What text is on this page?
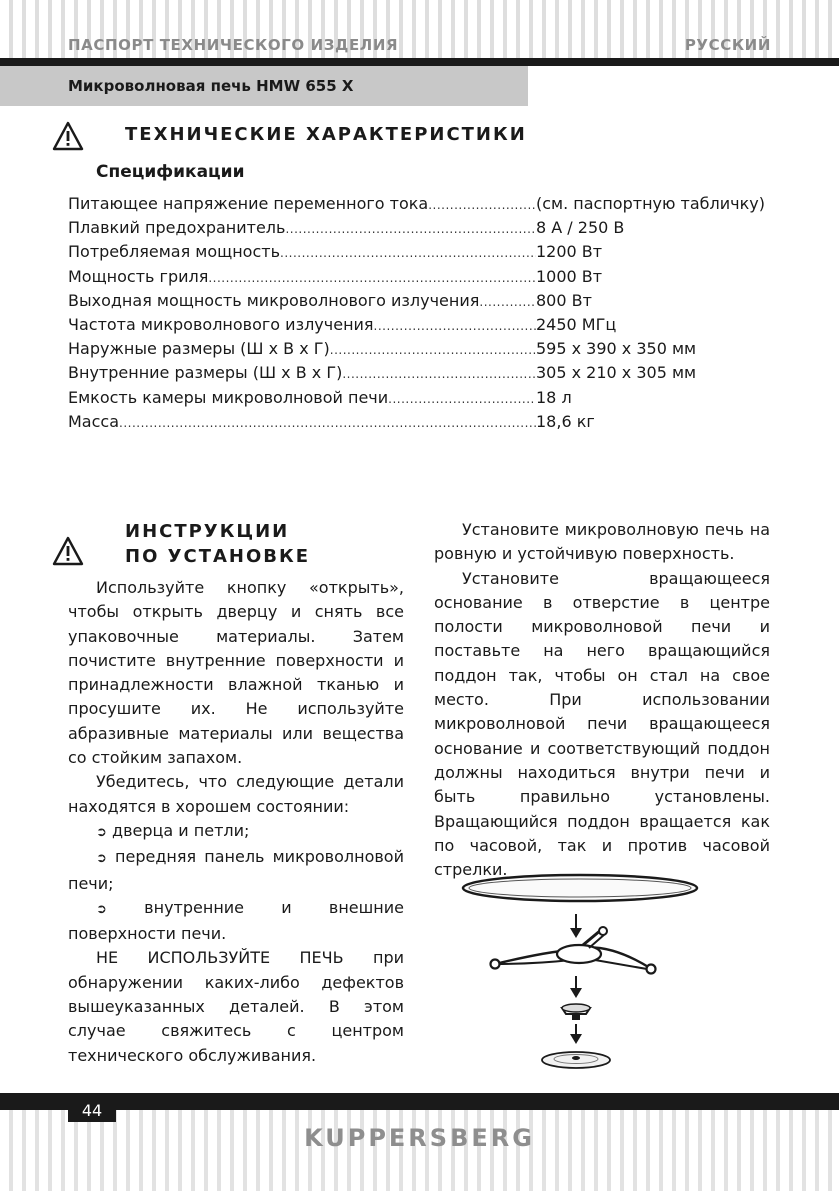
ПАСПОРТ ТЕХНИЧЕСКОГО ИЗДЕЛИЯ	РУССКИЙ
Микроволновая печь HMW 655 X
ТЕХНИЧЕСКИЕ ХАРАКТЕРИСТИКИ
Спецификации
Питающее напряжение переменного тока .....	(см. паспортную табличку)
Плавкий предохранитель .....	8 А / 250 В
Потребляемая мощность .....	1200 Вт
Мощность гриля .....	1000 Вт
Выходная мощность микроволнового излучения .....	800 Вт
Частота микроволнового излучения .....	2450 МГц
Наружные размеры (Ш х В х Г) .....	595 х 390 х 350 мм
Внутренние размеры (Ш х В х Г) .....	305 х 210 х 305 мм
Емкость камеры микроволновой печи .....	18 л
Масса .....	18,6 кг
ИНСТРУКЦИИ
ПО УСТАНОВКЕ

Используйте кнопку «открыть», чтобы открыть дверцу и снять все упаковочные материалы. Затем почистите внутренние поверхности и принадлежности влажной тканью и просушите их. Не используйте абразивные материалы или вещества со стойким запахом.

Убедитесь, что следующие детали находятся в хорошем состоянии:

➲ дверца и петли;

➲ передняя панель микроволновой печи;

➲ внутренние и внешние поверхности печи.

НЕ ИСПОЛЬЗУЙТЕ ПЕЧЬ при обнаружении каких-либо дефектов вышеуказанных деталей. В этом случае свяжитесь с центром технического обслуживания.

Установите микроволновую печь на ровную и устойчивую поверхность.

Установите вращающееся основание в отверстие в центре полости микроволновой печи и поставьте на него вращающийся поддон так, чтобы он стал на свое место. При использовании микроволновой печи вращающееся основание и соответствующий поддон должны находиться внутри печи и быть правильно установлены. Вращающийся поддон вращается как по часовой, так и против часовой стрелки.

44
KUPPERSBERG
